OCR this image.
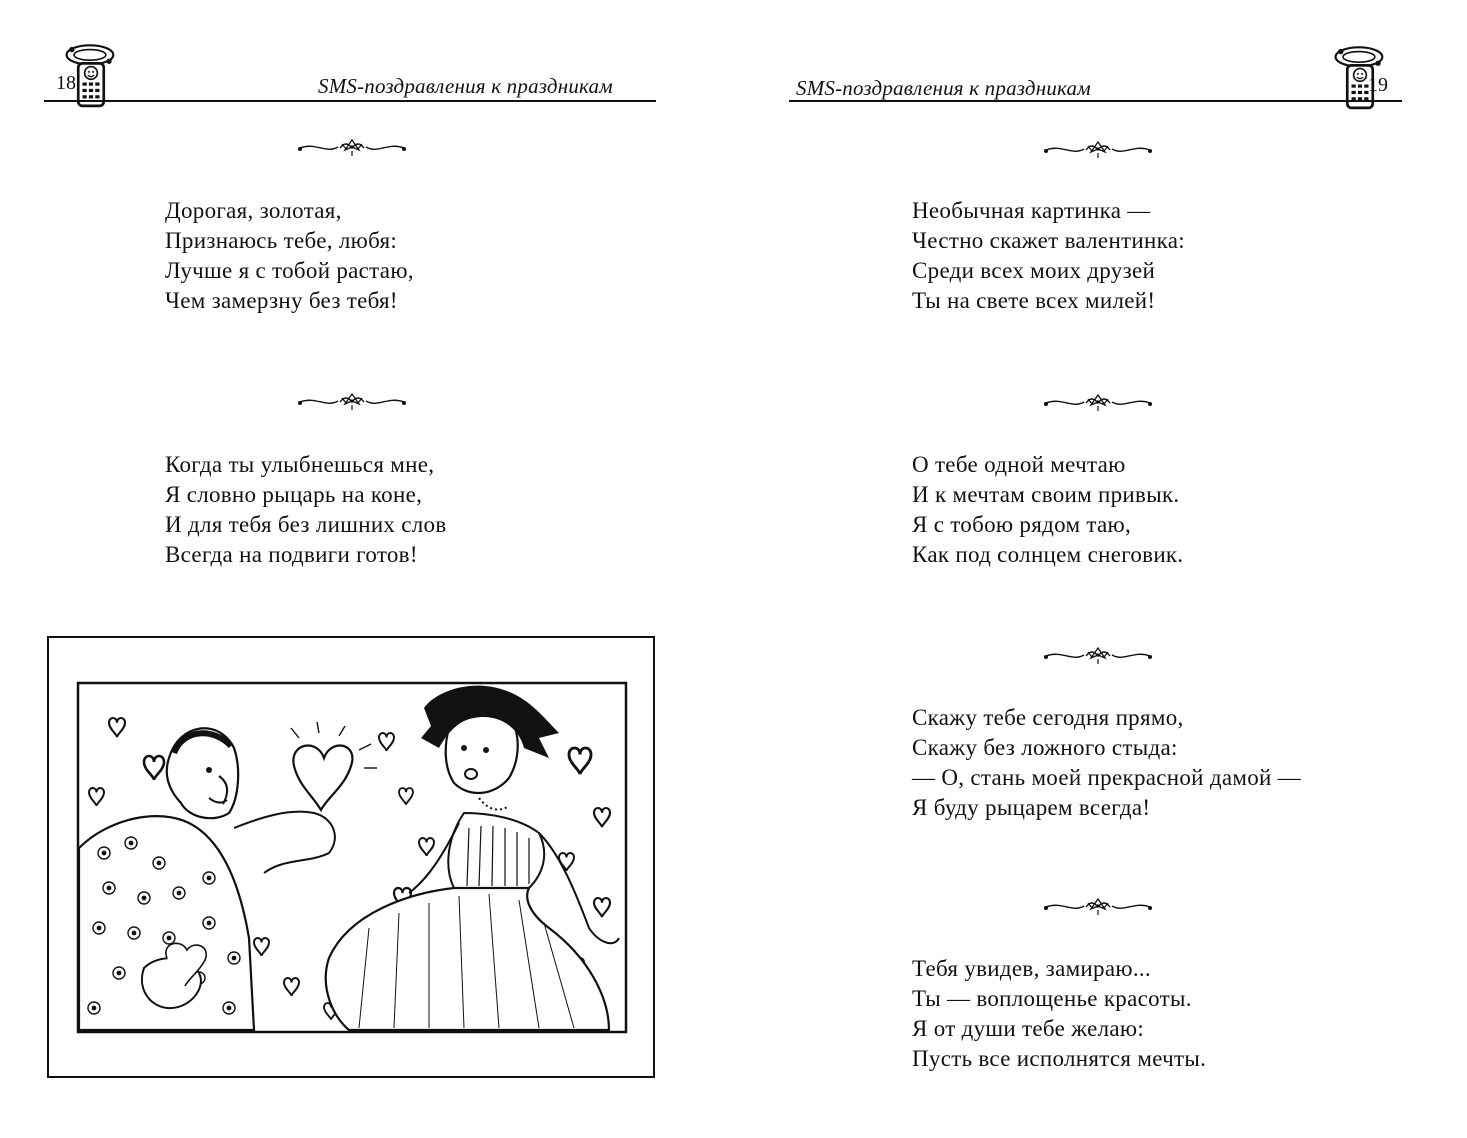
18	SMS-поздравления к праздникам
Дорогая, золотая,
Признаюсь тебе, любя:
Лучше я с тобой растаю,
Чем замерзну без тебя!
Когда ты улыбнешься мне,
Я словно рыцарь на коне,
И для тебя без лишних слов
Всегда на подвиги готов!
SMS-поздравления к праздникам	19
Необычная картинка —
Честно скажет валентинка:
Среди всех моих друзей
Ты на свете всех милей!
О тебе одной мечтаю
И к мечтам своим привык.
Я с тобою рядом таю,
Как под солнцем снеговик.
Скажу тебе сегодня прямо,
Скажу без ложного стыда:
— О, стань моей прекрасной дамой —
Я буду рыцарем всегда!
Тебя увидев, замираю...
Ты — воплощенье красоты.
Я от души тебе желаю:
Пусть все исполнятся мечты.
